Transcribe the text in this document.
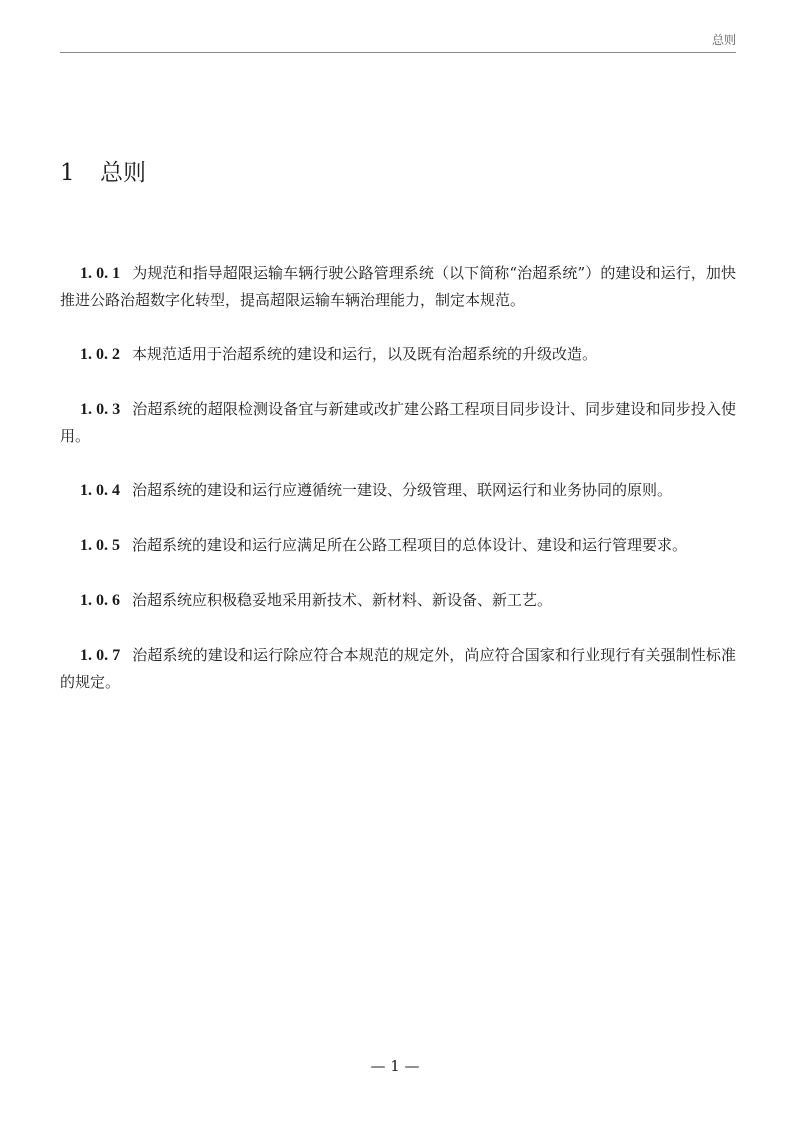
总则
1 总则

1. 0. 1 为规范和指导超限运输车辆行驶公路管理系统（以下简称“治超系统”）的建设和运行，加快推进公路治超数字化转型，提高超限运输车辆治理能力，制定本规范。

1. 0. 2 本规范适用于治超系统的建设和运行，以及既有治超系统的升级改造。

1. 0. 3 治超系统的超限检测设备宜与新建或改扩建公路工程项目同步设计、同步建设和同步投入使用。

1. 0. 4 治超系统的建设和运行应遵循统一建设、分级管理、联网运行和业务协同的原则。

1. 0. 5 治超系统的建设和运行应满足所在公路工程项目的总体设计、建设和运行管理要求。

1. 0. 6 治超系统应积极稳妥地采用新技术、新材料、新设备、新工艺。

1. 0. 7 治超系统的建设和运行除应符合本规范的规定外，尚应符合国家和行业现行有关强制性标准的规定。

— 1 —
